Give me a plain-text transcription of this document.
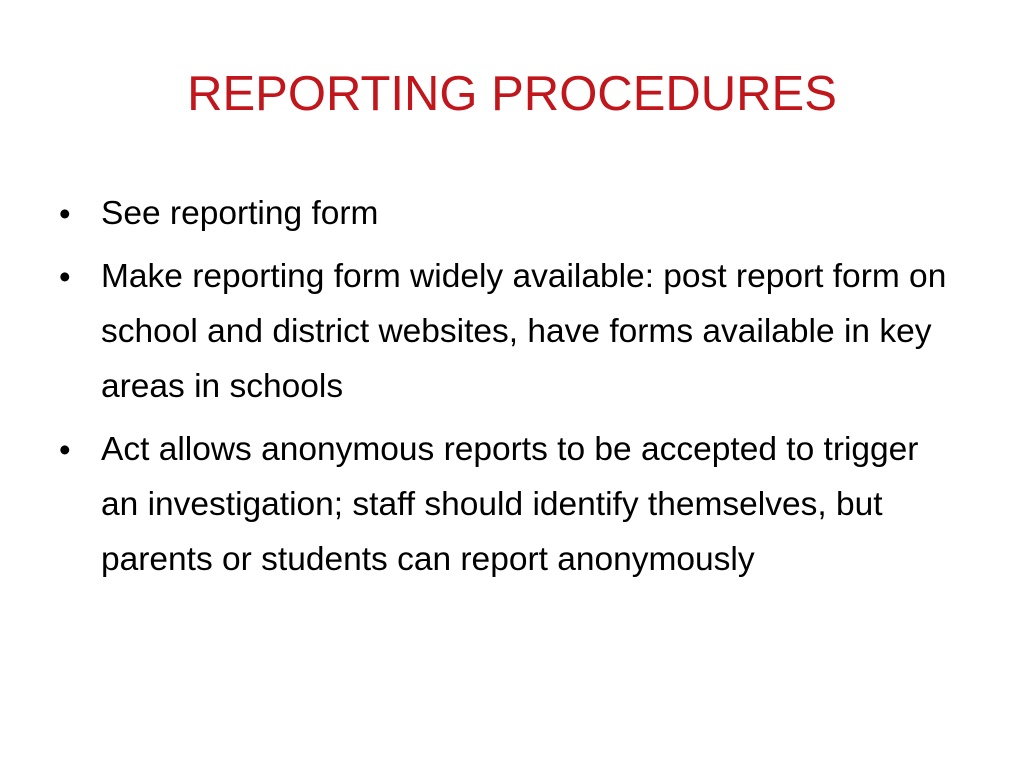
REPORTING PROCEDURES
• See reporting form
• Make reporting form widely available: post report form on school and district websites, have forms available in key areas in schools
• Act allows anonymous reports to be accepted to trigger an investigation; staff should identify themselves, but parents or students can report anonymously
